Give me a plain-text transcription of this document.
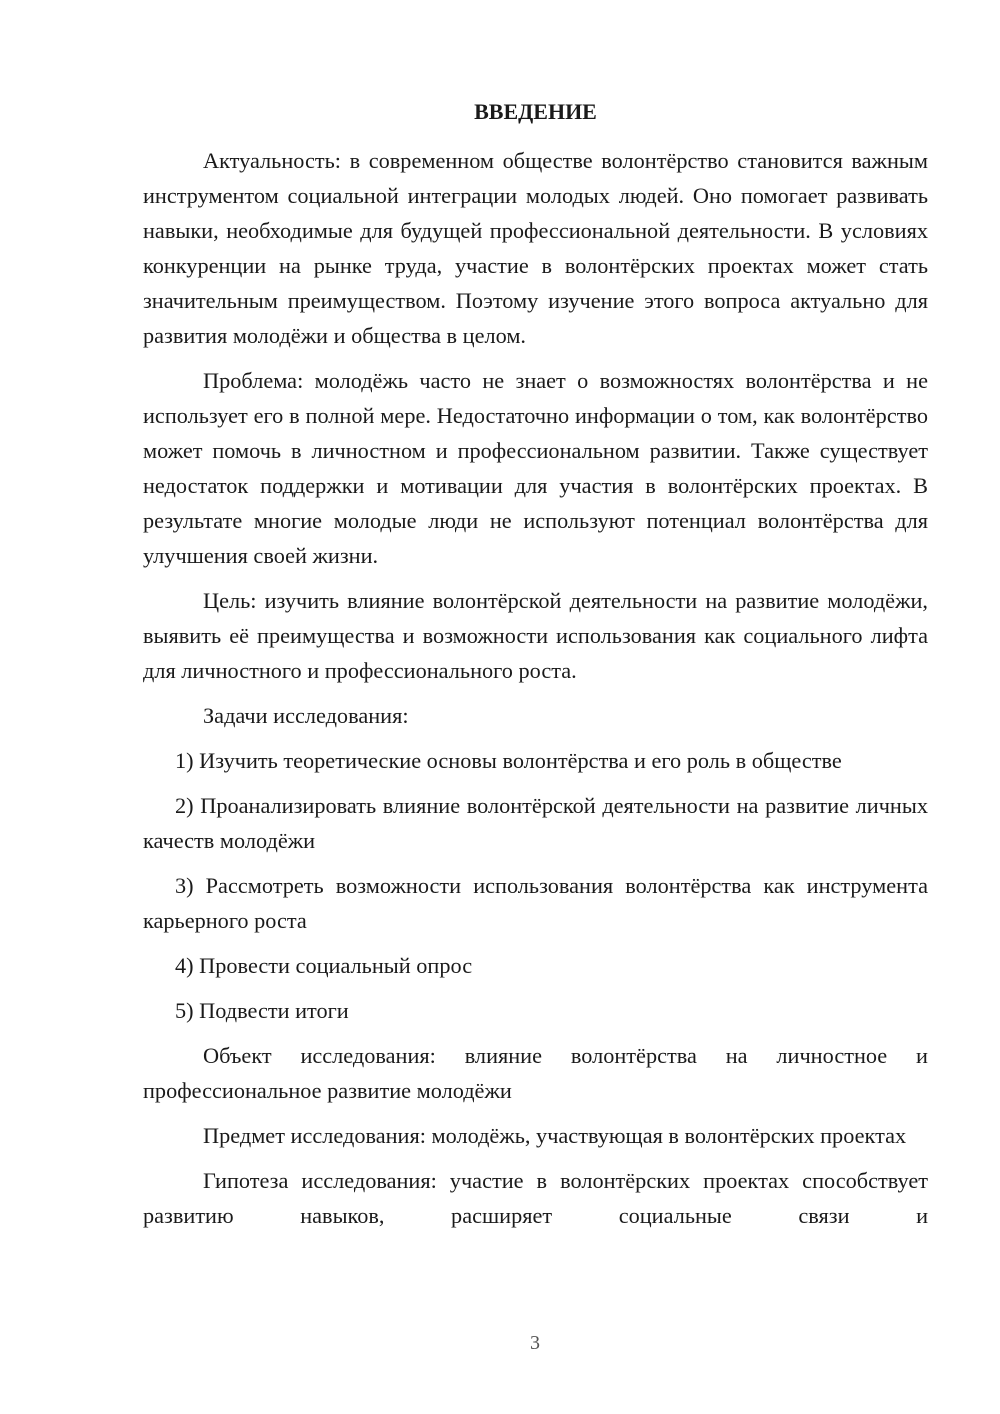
ВВЕДЕНИЕ

Актуальность: в современном обществе волонтёрство становится важным инструментом социальной интеграции молодых людей. Оно помогает развивать навыки, необходимые для будущей профессиональной деятельности. В условиях конкуренции на рынке труда, участие в волонтёрских проектах может стать значительным преимуществом. Поэтому изучение этого вопроса актуально для развития молодёжи и общества в целом.

Проблема: молодёжь часто не знает о возможностях волонтёрства и не использует его в полной мере. Недостаточно информации о том, как волонтёрство может помочь в личностном и профессиональном развитии. Также существует недостаток поддержки и мотивации для участия в волонтёрских проектах. В результате многие молодые люди не используют потенциал волонтёрства для улучшения своей жизни.

Цель: изучить влияние волонтёрской деятельности на развитие молодёжи, выявить её преимущества и возможности использования как социального лифта для личностного и профессионального роста.

Задачи исследования:

1) Изучить теоретические основы волонтёрства и его роль в обществе

2) Проанализировать влияние волонтёрской деятельности на развитие личных качеств молодёжи

3) Рассмотреть возможности использования волонтёрства как инструмента карьерного роста

4) Провести социальный опрос

5) Подвести итоги

Объект исследования: влияние волонтёрства на личностное и профессиональное развитие молодёжи

Предмет исследования: молодёжь, участвующая в волонтёрских проектах

Гипотеза исследования: участие в волонтёрских проектах способствует развитию навыков, расширяет социальные связи и

3
